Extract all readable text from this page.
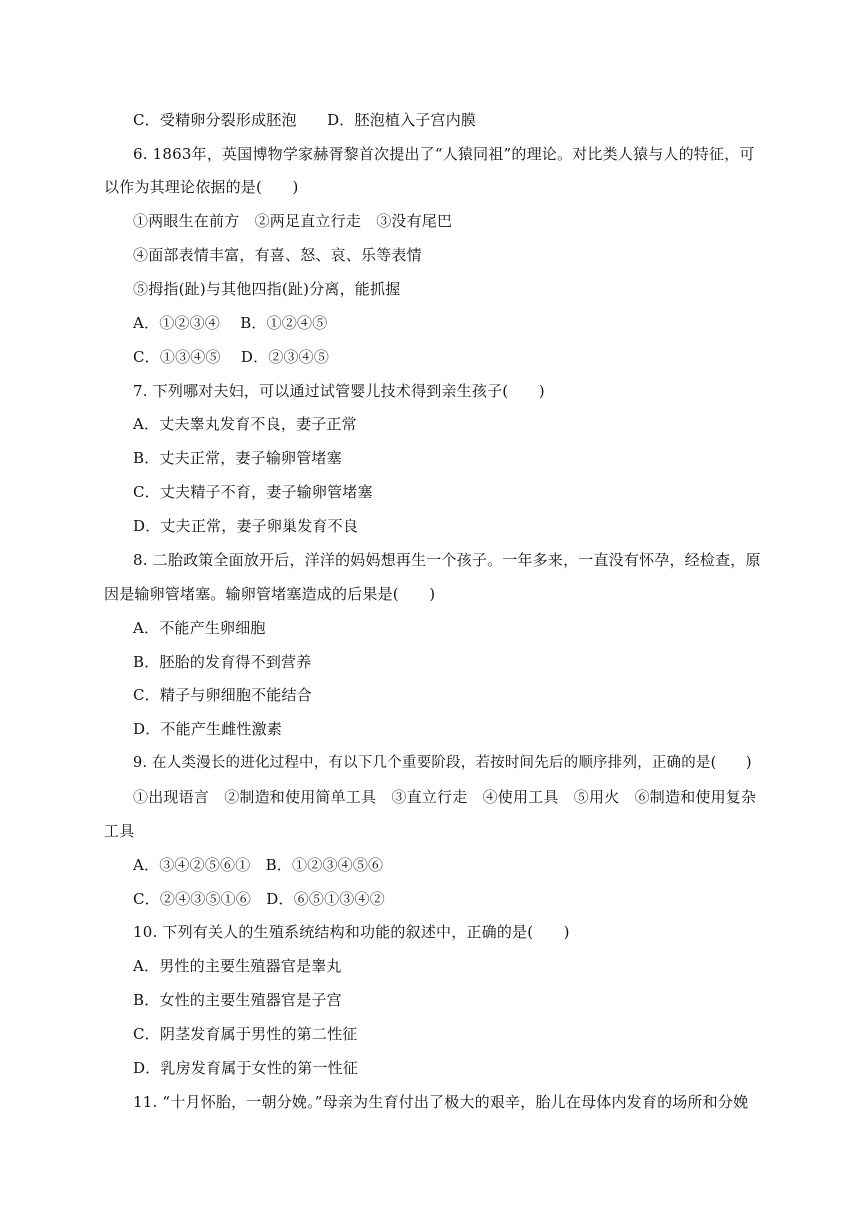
C．受精卵分裂形成胚泡　　D．胚泡植入子宫内膜
6. 1863年，英国博物学家赫胥黎首次提出了“人猿同祖”的理论。对比类人猿与人的特征，可
以作为其理论依据的是(　　)
①两眼生在前方　②两足直立行走　③没有尾巴
④面部表情丰富，有喜、怒、哀、乐等表情
⑤拇指(趾)与其他四指(趾)分离，能抓握
A．①②③④　 B．①②④⑤
C．①③④⑤　 D．②③④⑤
7. 下列哪对夫妇，可以通过试管婴儿技术得到亲生孩子(　　)
A．丈夫睾丸发育不良，妻子正常
B．丈夫正常，妻子输卵管堵塞
C．丈夫精子不育，妻子输卵管堵塞
D．丈夫正常，妻子卵巢发育不良
8. 二胎政策全面放开后，洋洋的妈妈想再生一个孩子。一年多来，一直没有怀孕，经检查，原
因是输卵管堵塞。输卵管堵塞造成的后果是(　　)
A．不能产生卵细胞
B．胚胎的发育得不到营养
C．精子与卵细胞不能结合
D．不能产生雌性激素
9. 在人类漫长的进化过程中，有以下几个重要阶段，若按时间先后的顺序排列，正确的是(　　)
①出现语言　②制造和使用简单工具　③直立行走　④使用工具　⑤用火　⑥制造和使用复杂
工具
A．③④②⑤⑥①　B．①②③④⑤⑥
C．②④③⑤①⑥　D．⑥⑤①③④②
10. 下列有关人的生殖系统结构和功能的叙述中，正确的是(　　)
A．男性的主要生殖器官是睾丸
B．女性的主要生殖器官是子宫
C．阴茎发育属于男性的第二性征
D．乳房发育属于女性的第一性征
11. “十月怀胎，一朝分娩。”母亲为生育付出了极大的艰辛，胎儿在母体内发育的场所和分娩
